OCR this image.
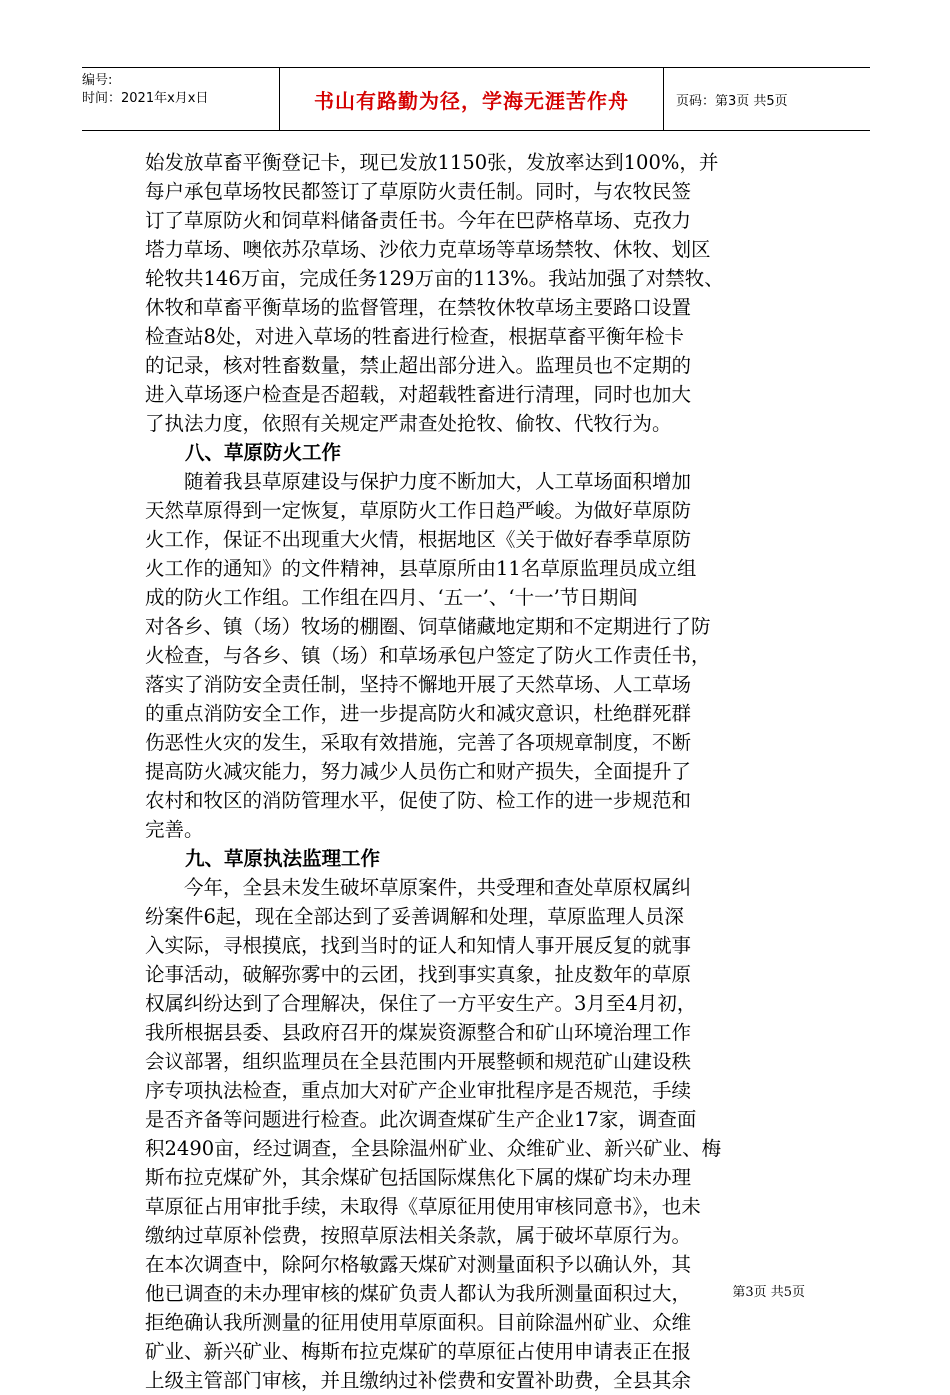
编号:
时间：2021年x月x日	书山有路勤为径，学海无涯苦作舟	页码：第3页 共5页
始发放草畜平衡登记卡，现已发放1150张，发放率达到100%，并
每户承包草场牧民都签订了草原防火责任制。同时，与农牧民签
订了草原防火和饲草料储备责任书。今年在巴萨格草场、克孜力
塔力草场、噢依苏尕草场、沙依力克草场等草场禁牧、休牧、划区
轮牧共146万亩，完成任务129万亩的113%。我站加强了对禁牧、
休牧和草畜平衡草场的监督管理，在禁牧休牧草场主要路口设置
检查站8处，对进入草场的牲畜进行检查，根据草畜平衡年检卡
的记录，核对牲畜数量，禁止超出部分进入。监理员也不定期的
进入草场逐户检查是否超载，对超载牲畜进行清理，同时也加大
了执法力度，依照有关规定严肃查处抢牧、偷牧、代牧行为。
八、草原防火工作
　　随着我县草原建设与保护力度不断加大，人工草场面积增加
天然草原得到一定恢复，草原防火工作日趋严峻。为做好草原防
火工作，保证不出现重大火情，根据地区《关于做好春季草原防
火工作的通知》的文件精神，县草原所由11名草原监理员成立组
成的防火工作组。工作组在四月、‘五一’、‘十一’节日期间
对各乡、镇（场）牧场的棚圈、饲草储藏地定期和不定期进行了防
火检查，与各乡、镇（场）和草场承包户签定了防火工作责任书，
落实了消防安全责任制，坚持不懈地开展了天然草场、人工草场
的重点消防安全工作，进一步提高防火和减灾意识，杜绝群死群
伤恶性火灾的发生，采取有效措施，完善了各项规章制度，不断
提高防火减灾能力，努力减少人员伤亡和财产损失，全面提升了
农村和牧区的消防管理水平，促使了防、检工作的进一步规范和
完善。
九、草原执法监理工作
　　今年，全县未发生破坏草原案件，共受理和查处草原权属纠
纷案件6起，现在全部达到了妥善调解和处理，草原监理人员深
入实际，寻根摸底，找到当时的证人和知情人事开展反复的就事
论事活动，破解弥雾中的云团，找到事实真象，扯皮数年的草原
权属纠纷达到了合理解决，保住了一方平安生产。3月至4月初，
我所根据县委、县政府召开的煤炭资源整合和矿山环境治理工作
会议部署，组织监理员在全县范围内开展整顿和规范矿山建设秩
序专项执法检查，重点加大对矿产企业审批程序是否规范，手续
是否齐备等问题进行检查。此次调查煤矿生产企业17家，调查面
积2490亩，经过调查，全县除温州矿业、众维矿业、新兴矿业、梅
斯布拉克煤矿外，其余煤矿包括国际煤焦化下属的煤矿均未办理
草原征占用审批手续，未取得《草原征用使用审核同意书》，也未
缴纳过草原补偿费，按照草原法相关条款，属于破坏草原行为。
在本次调查中，除阿尔格敏露天煤矿对测量面积予以确认外，其
他已调查的未办理审核的煤矿负责人都认为我所测量面积过大，
拒绝确认我所测量的征用使用草原面积。目前除温州矿业、众维
矿业、新兴矿业、梅斯布拉克煤矿的草原征占使用申请表正在报
上级主管部门审核，并且缴纳过补偿费和安置补助费，全县其余
第3页 共5页
